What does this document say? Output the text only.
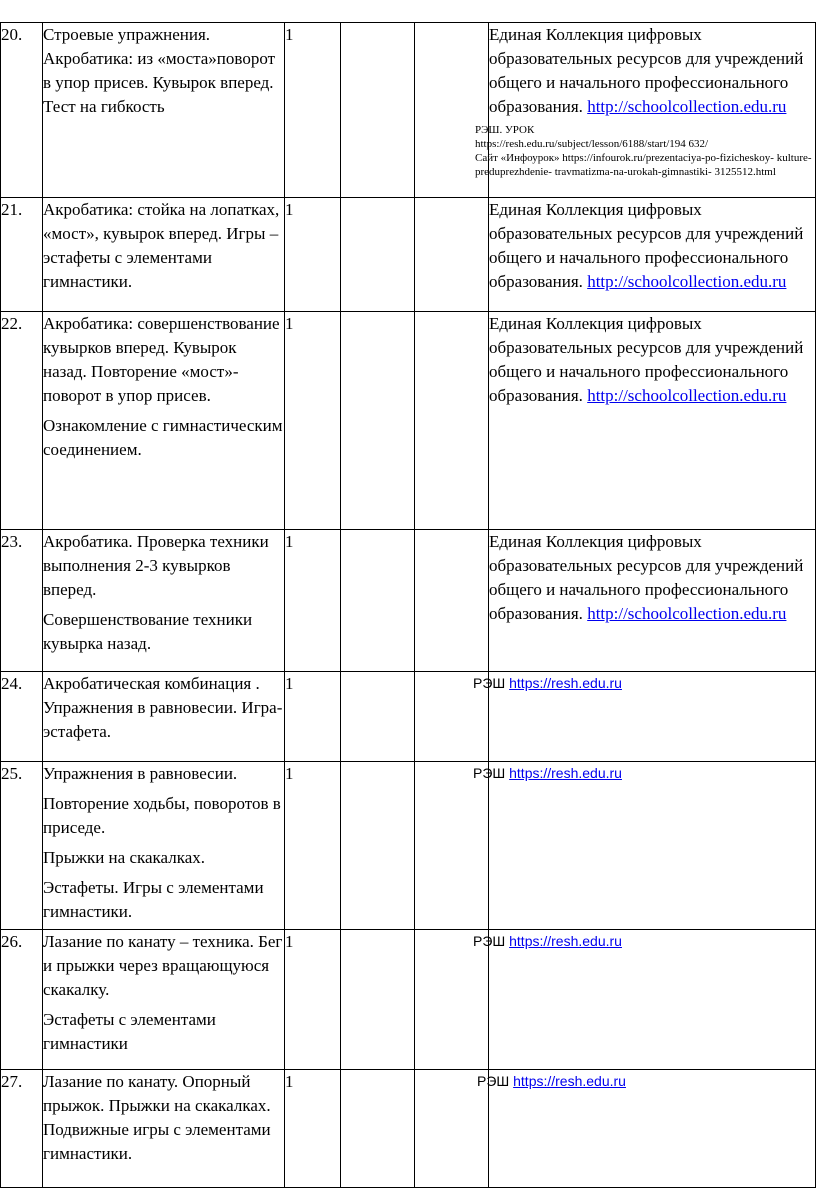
20.	Строевые упражнения. Акробатика: из «моста»поворот в упор присев. Кувырок вперед. Тест на гибкость	1			Единая Коллекция цифровых образовательных ресурсов для учреждений общего и начального профессионального образования. http://schoolcollection.edu.ru
РЭШ. УРОК
https://resh.edu.ru/subject/lesson/6188/start/194 632/
Сайт «Инфоурок» https://infourok.ru/prezentaciya-po-fizicheskoy- kulture-preduprezhdenie- travmatizma-na-urokah-gimnastiki- 3125512.html

21.	Акробатика: стойка на лопатках, «мост», кувырок вперед. Игры – эстафеты с элементами гимнастики.	1			Единая Коллекция цифровых образовательных ресурсов для учреждений общего и начального профессионального образования. http://schoolcollection.edu.ru

22.	Акробатика: совершенствование кувырков вперед. Кувырок назад. Повторение «мост»-поворот в упор присев.
Ознакомление с гимнастическим соединением.	1			Единая Коллекция цифровых образовательных ресурсов для учреждений общего и начального профессионального образования. http://schoolcollection.edu.ru

23.	Акробатика. Проверка техники выполнения 2-3 кувырков вперед.
Совершенствование техники кувырка назад.	1			Единая Коллекция цифровых образовательных ресурсов для учреждений общего и начального профессионального образования. http://schoolcollection.edu.ru

24.	Акробатическая комбинация . Упражнения в равновесии. Игра-эстафета.	1			РЭШ https://resh.edu.ru

25.	Упражнения в равновесии.
Повторение ходьбы, поворотов в приседе.
Прыжки на скакалках.
Эстафеты. Игры с элементами гимнастики.	1			РЭШ https://resh.edu.ru

26.	Лазание по канату – техника. Бег и прыжки через вращающуюся скакалку.
Эстафеты с элементами гимнастики	1			РЭШ https://resh.edu.ru

27.	Лазание по канату. Опорный прыжок. Прыжки на скакалках. Подвижные игры с элементами гимнастики.	1			РЭШ https://resh.edu.ru
